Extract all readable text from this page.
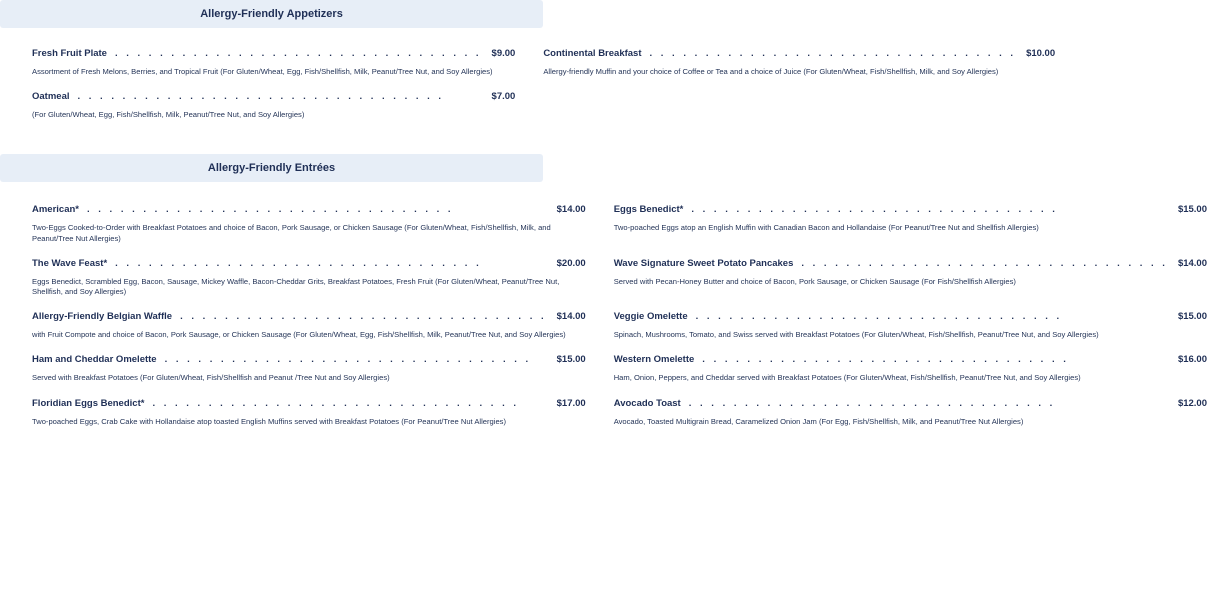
Allergy-Friendly Appetizers
Fresh Fruit Plate . . . . . . . . . . . . . . . . . . . . . . . . . . . . . . . . . $9.00
Assortment of Fresh Melons, Berries, and Tropical Fruit (For Gluten/Wheat, Egg, Fish/Shellfish, Milk, Peanut/Tree Nut, and Soy Allergies)
Continental Breakfast . . . . . . . . . . . . . . . . . . . . . . . . . . . . . . . . . $10.00
Allergy-friendly Muffin and your choice of Coffee or Tea and a choice of Juice (For Gluten/Wheat, Fish/Shellfish, Milk, and Soy Allergies)
Oatmeal . . . . . . . . . . . . . . . . . . . . . . . . . . . . . . . . .	$7.00
(For Gluten/Wheat, Egg, Fish/Shellfish, Milk, Peanut/Tree Nut, and Soy Allergies)
Allergy-Friendly Entrées
American* . . . . . . . . . . . . . . . . . . . . . . . . . . . . . . . . .	$14.00
Two-Eggs Cooked-to-Order with Breakfast Potatoes and choice of Bacon, Pork Sausage, or Chicken Sausage (For Gluten/Wheat, Fish/Shellfish, Milk, and Peanut/Tree Nut Allergies)
Eggs Benedict* . . . . . . . . . . . . . . . . . . . . . . . . . . . . . . . . .	$15.00
Two-poached Eggs atop an English Muffin with Canadian Bacon and Hollandaise (For Peanut/Tree Nut and Shellfish Allergies)
The Wave Feast* . . . . . . . . . . . . . . . . . . . . . . . . . . . . . . . . .	$20.00
Eggs Benedict, Scrambled Egg, Bacon, Sausage, Mickey Waffle, Bacon-Cheddar Grits, Breakfast Potatoes, Fresh Fruit (For Gluten/Wheat, Peanut/Tree Nut, Shellfish, and Soy Allergies)
Wave Signature Sweet Potato Pancakes . . . . . . . . . . . . . . . . . . . . . . . . . . . . . . . . . $14.00
Served with Pecan-Honey Butter and choice of Bacon, Pork Sausage, or Chicken Sausage (For Fish/Shellfish Allergies)
Allergy-Friendly Belgian Waffle . . . . . . . . . . . . . . . . . . . . . . . . . . . . . . . . . $14.00
with Fruit Compote and choice of Bacon, Pork Sausage, or Chicken Sausage (For Gluten/Wheat, Egg, Fish/Shellfish, Milk, Peanut/Tree Nut, and Soy Allergies)
Veggie Omelette . . . . . . . . . . . . . . . . . . . . . . . . . . . . . . . . .	$15.00
Spinach, Mushrooms, Tomato, and Swiss served with Breakfast Potatoes (For Gluten/Wheat, Fish/Shellfish, Peanut/Tree Nut, and Soy Allergies)
Ham and Cheddar Omelette . . . . . . . . . . . . . . . . . . . . . . . . . . . . . . . . .	$15.00
Served with Breakfast Potatoes (For Gluten/Wheat, Fish/Shellfish and Peanut /Tree Nut and Soy Allergies)
Western Omelette . . . . . . . . . . . . . . . . . . . . . . . . . . . . . . . . .	$16.00
Ham, Onion, Peppers, and Cheddar served with Breakfast Potatoes (For Gluten/Wheat, Fish/Shellfish, Peanut/Tree Nut, and Soy Allergies)
Floridian Eggs Benedict* . . . . . . . . . . . . . . . . . . . . . . . . . . . . . . . . .	$17.00
Two-poached Eggs, Crab Cake with Hollandaise atop toasted English Muffins served with Breakfast Potatoes (For Peanut/Tree Nut Allergies)
Avocado Toast . . . . . . . . . . . . . . . . . . . . . . . . . . . . . . . . .	$12.00
Avocado, Toasted Multigrain Bread, Caramelized Onion Jam (For Egg, Fish/Shellfish, Milk, and Peanut/Tree Nut Allergies)
